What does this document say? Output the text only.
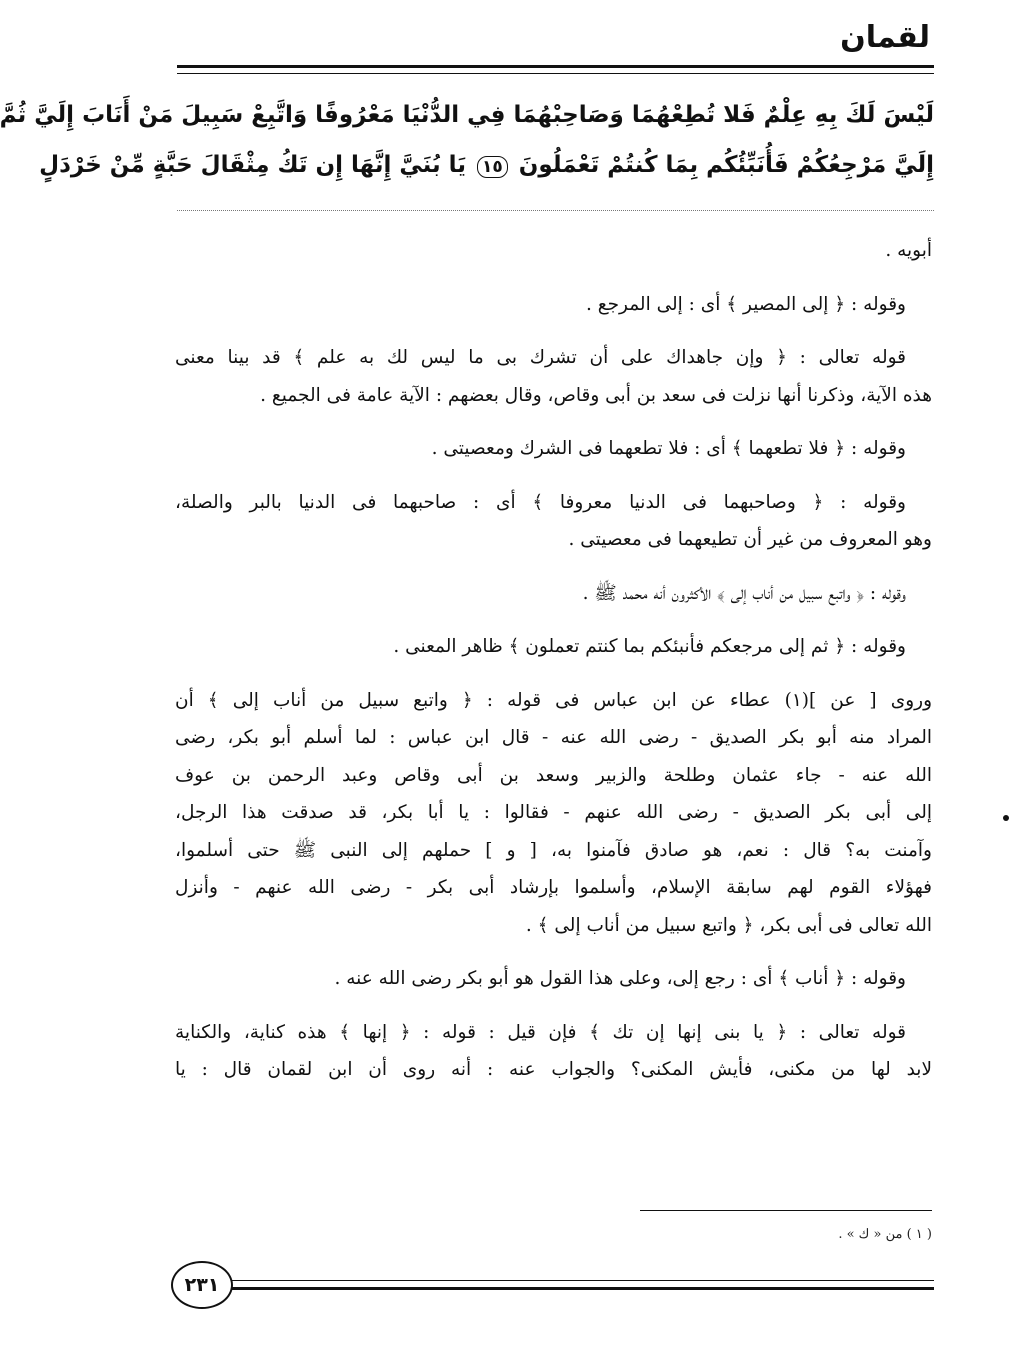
لقمان
لَيْسَ لَكَ بِهِ عِلْمٌ فَلا تُطِعْهُمَا وَصَاحِبْهُمَا فِي الدُّنْيَا مَعْرُوفًا وَاتَّبِعْ سَبِيلَ مَنْ أَنَابَ إِلَيَّ ثُمَّ
إِلَيَّ مَرْجِعُكُمْ فَأُنَبِّئُكُم بِمَا كُنتُمْ تَعْمَلُونَ ١٥ يَا بُنَيَّ إِنَّهَا إِن تَكُ مِثْقَالَ حَبَّةٍ مِّنْ خَرْدَلٍ

أبويه .

وقوله : ﴿ إلى المصير ﴾ أى : إلى المرجع .

قوله تعالى : ﴿ وإن جاهداك على أن تشرك بى ما ليس لك به علم ﴾ قد بينا معنى
هذه الآية، وذكرنا أنها نزلت فى سعد بن أبى وقاص، وقال بعضهم : الآية عامة فى الجميع .

وقوله : ﴿ فلا تطعهما ﴾ أى : فلا تطعهما فى الشرك ومعصيتى .

وقوله : ﴿ وصاحبهما فى الدنيا معروفا ﴾ أى : صاحبهما فى الدنيا بالبر والصلة،
وهو المعروف من غير أن تطيعهما فى معصيتى .

وقوله : ﴿ واتبع سبيل من أناب إلى ﴾ الأكثرون أنه محمد ﷺ .

وقوله : ﴿ ثم إلى مرجعكم فأنبئكم بما كنتم تعملون ﴾ ظاهر المعنى .

وروى [ عن ](١) عطاء عن ابن عباس فى قوله : ﴿ واتبع سبيل من أناب إلى ﴾ أن
المراد منه أبو بكر الصديق - رضى الله عنه - قال ابن عباس : لما أسلم أبو بكر، رضى
الله عنه - جاء عثمان وطلحة والزبير وسعد بن أبى وقاص وعبد الرحمن بن عوف
إلى أبى بكر الصديق - رضى الله عنهم - فقالوا : يا أبا بكر، قد صدقت هذا الرجل،
وآمنت به؟ قال : نعم، هو صادق فآمنوا به، [ و ] حملهم إلى النبى ﷺ حتى أسلموا،
فهؤلاء القوم لهم سابقة الإسلام، وأسلموا بإرشاد أبى بكر - رضى الله عنهم - وأنزل
الله تعالى فى أبى بكر، ﴿ واتبع سبيل من أناب إلى ﴾ .

وقوله : ﴿ أناب ﴾ أى : رجع إلى، وعلى هذا القول هو أبو بكر رضى الله عنه .

قوله تعالى : ﴿ يا بنى إنها إن تك ﴾ فإن قيل : قوله : ﴿ إنها ﴾ هذه كناية، والكناية
لابد لها من مكنى، فأيش المكنى؟ والجواب عنه : أنه روى أن ابن لقمان قال : يا

( ١ ) من « ك » .
٢٣١
